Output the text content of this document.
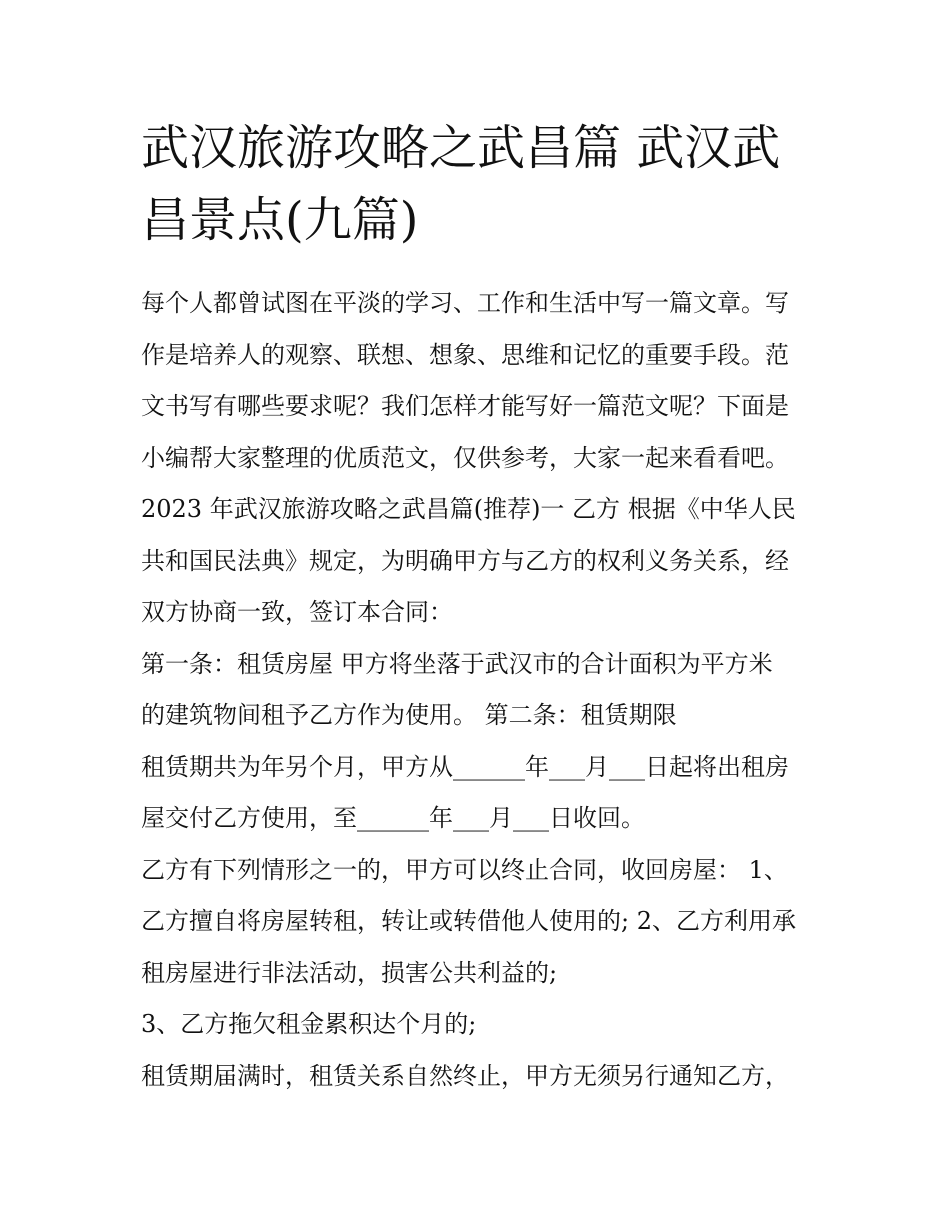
武汉旅游攻略之武昌篇 武汉武
昌景点(九篇)
每个人都曾试图在平淡的学习、工作和生活中写一篇文章。写
作是培养人的观察、联想、想象、思维和记忆的重要手段。范
文书写有哪些要求呢？我们怎样才能写好一篇范文呢？下面是
小编帮大家整理的优质范文，仅供参考，大家一起来看看吧。
2023 年武汉旅游攻略之武昌篇(推荐)一 乙方 根据《中华人民
共和国民法典》规定，为明确甲方与乙方的权利义务关系，经
双方协商一致，签订本合同：
第一条：租赁房屋 甲方将坐落于武汉市的合计面积为平方米
的建筑物间租予乙方作为使用。 第二条：租赁期限
租赁期共为年另个月，甲方从______年___月___日起将出租房
屋交付乙方使用，至______年___月___日收回。
乙方有下列情形之一的，甲方可以终止合同，收回房屋： 1、
乙方擅自将房屋转租，转让或转借他人使用的; 2、乙方利用承
租房屋进行非法活动，损害公共利益的;
3、乙方拖欠租金累积达个月的;
租赁期届满时，租赁关系自然终止，甲方无须另行通知乙方，
